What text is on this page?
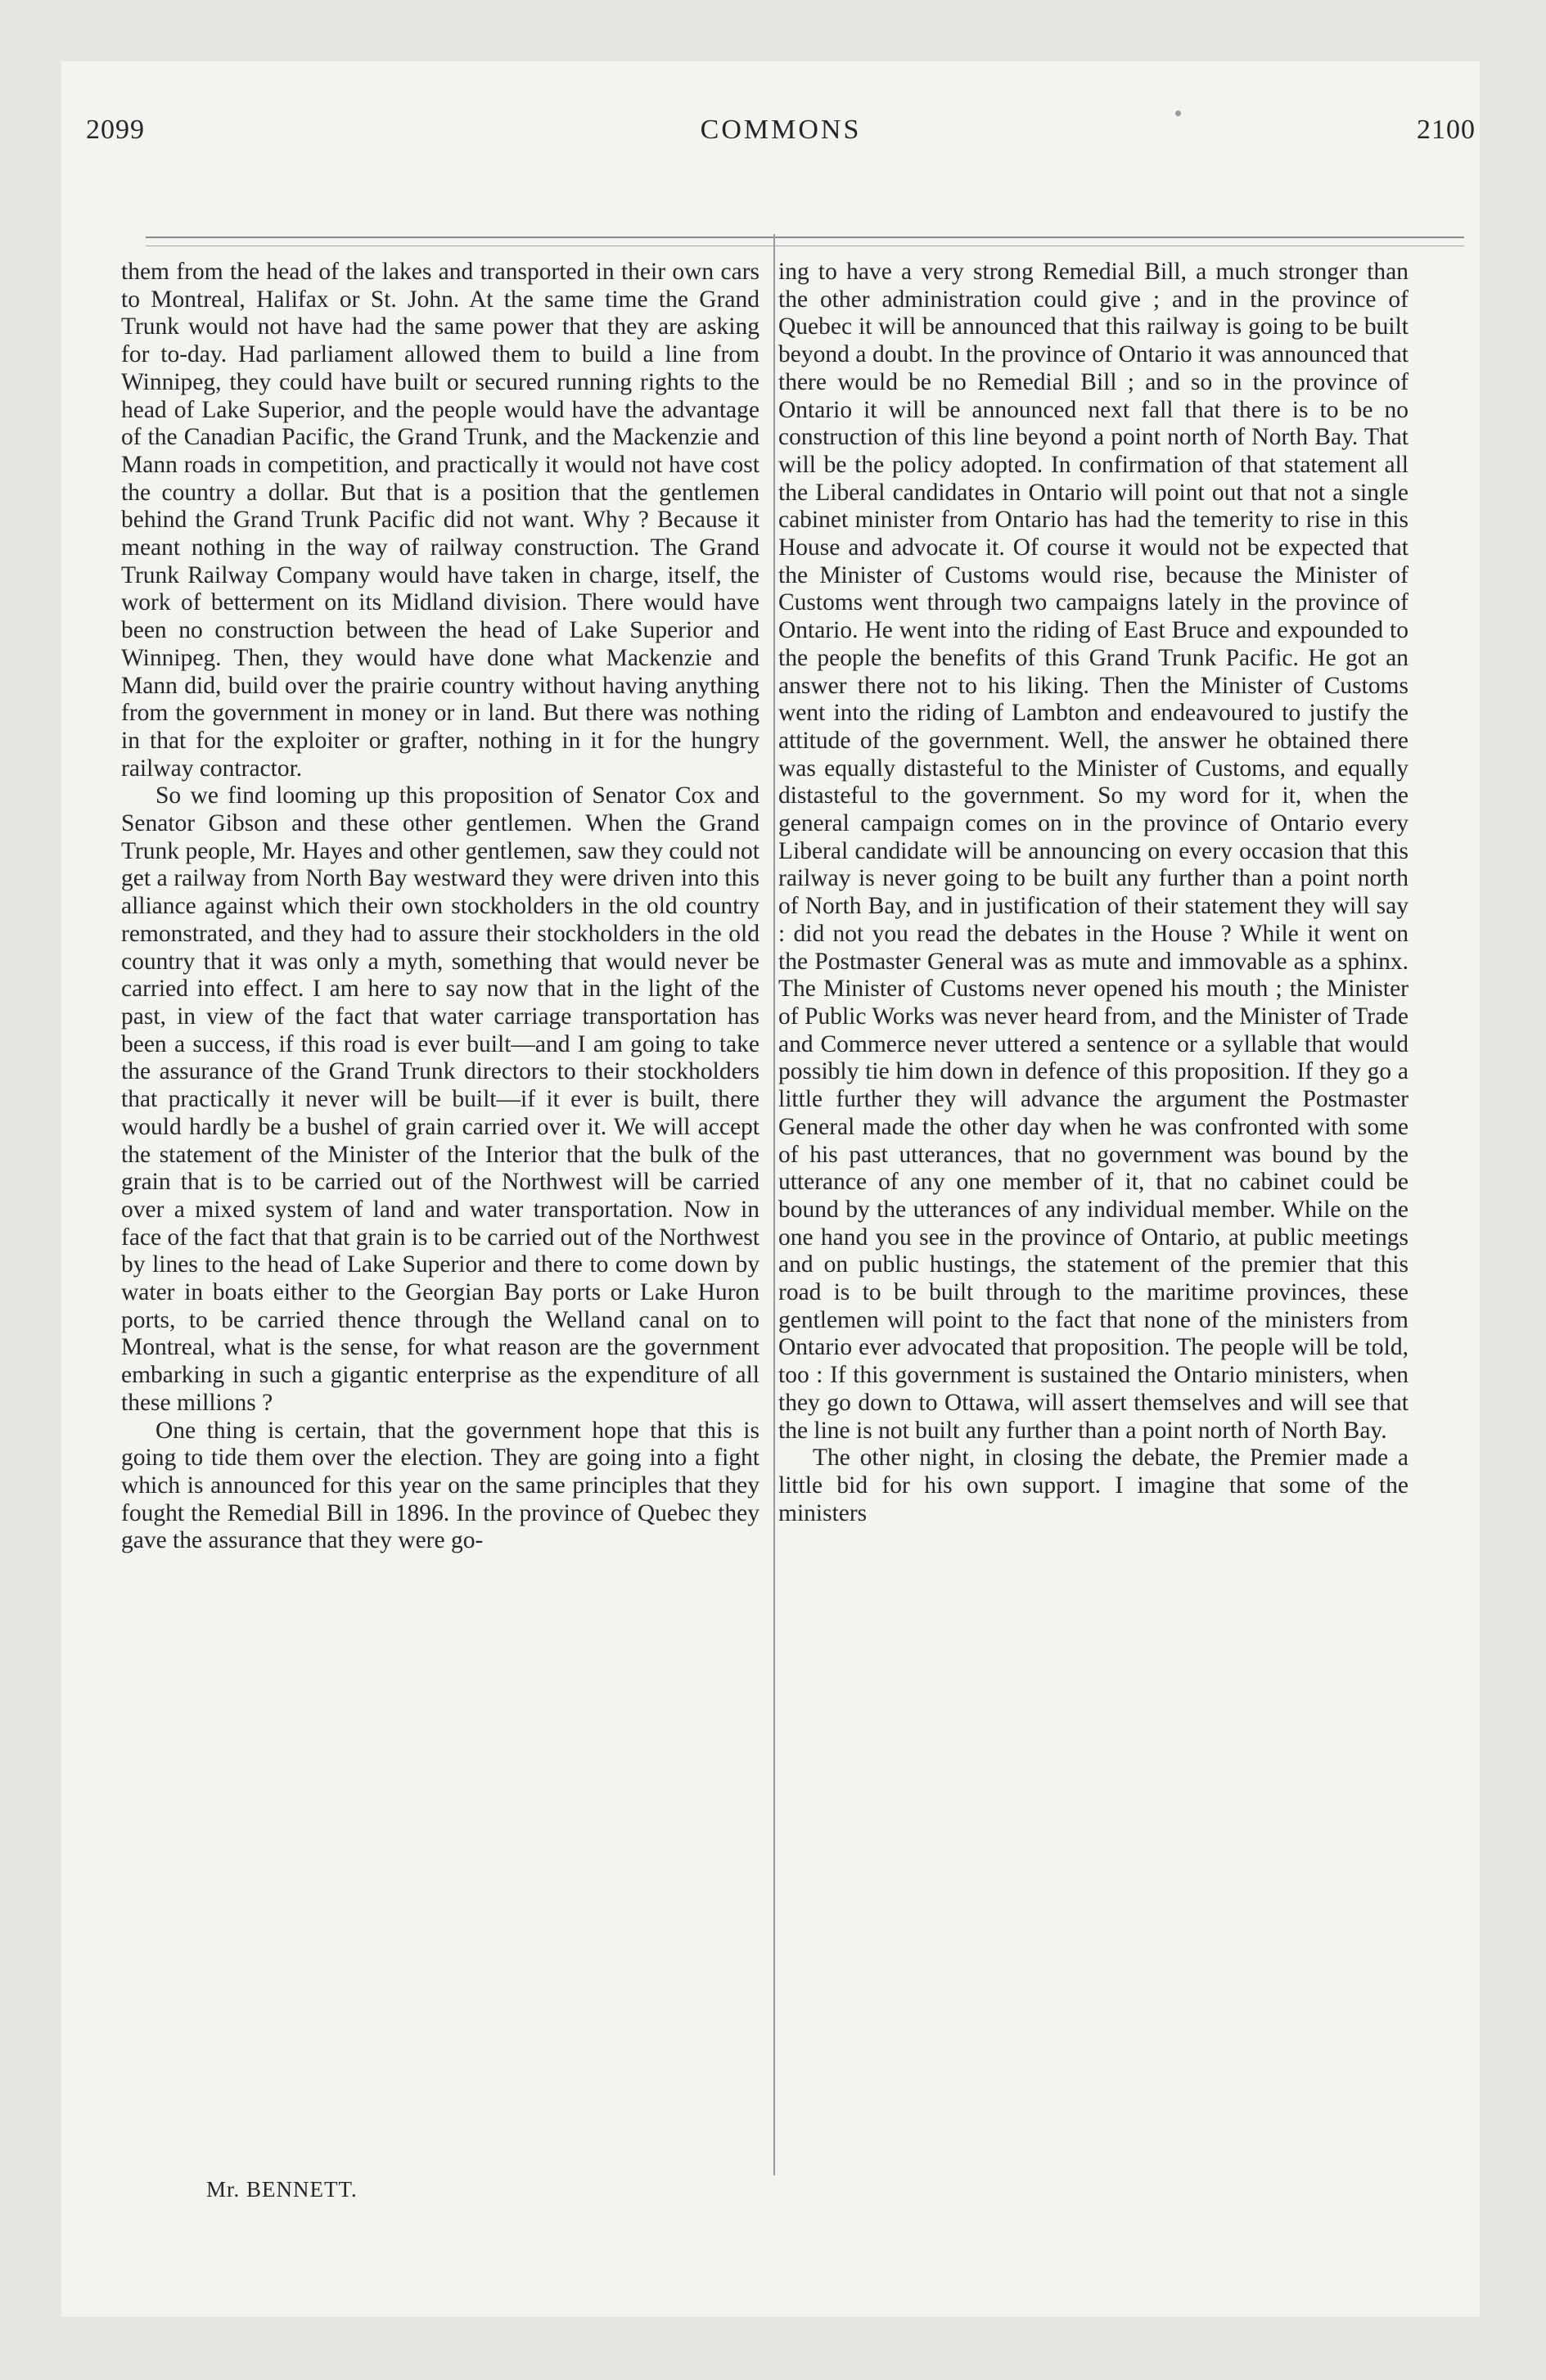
2099	COMMONS	2100

them from the head of the lakes and transported in their own cars to Montreal, Halifax or St. John. At the same time the Grand Trunk would not have had the same power that they are asking for to-day. Had parliament allowed them to build a line from Winnipeg, they could have built or secured running rights to the head of Lake Superior, and the people would have the advantage of the Canadian Pacific, the Grand Trunk, and the Mackenzie and Mann roads in competition, and practically it would not have cost the country a dollar. But that is a position that the gentlemen behind the Grand Trunk Pacific did not want. Why ? Because it meant nothing in the way of railway construction. The Grand Trunk Railway Company would have taken in charge, itself, the work of betterment on its Midland division. There would have been no construction between the head of Lake Superior and Winnipeg. Then, they would have done what Mackenzie and Mann did, build over the prairie country without having anything from the government in money or in land. But there was nothing in that for the exploiter or grafter, nothing in it for the hungry railway contractor.

So we find looming up this proposition of Senator Cox and Senator Gibson and these other gentlemen. When the Grand Trunk people, Mr. Hayes and other gentlemen, saw they could not get a railway from North Bay westward they were driven into this alliance against which their own stockholders in the old country remonstrated, and they had to assure their stockholders in the old country that it was only a myth, something that would never be carried into effect. I am here to say now that in the light of the past, in view of the fact that water carriage transportation has been a success, if this road is ever built—and I am going to take the assurance of the Grand Trunk directors to their stockholders that practically it never will be built—if it ever is built, there would hardly be a bushel of grain carried over it. We will accept the statement of the Minister of the Interior that the bulk of the grain that is to be carried out of the Northwest will be carried over a mixed system of land and water transportation. Now in face of the fact that that grain is to be carried out of the Northwest by lines to the head of Lake Superior and there to come down by water in boats either to the Georgian Bay ports or Lake Huron ports, to be carried thence through the Welland canal on to Montreal, what is the sense, for what reason are the government embarking in such a gigantic enterprise as the expenditure of all these millions ?

One thing is certain, that the government hope that this is going to tide them over the election. They are going into a fight which is announced for this year on the same principles that they fought the Remedial Bill in 1896. In the province of Quebec they gave the assurance that they were go-

ing to have a very strong Remedial Bill, a much stronger than the other administration could give ; and in the province of Quebec it will be announced that this railway is going to be built beyond a doubt. In the province of Ontario it was announced that there would be no Remedial Bill ; and so in the province of Ontario it will be announced next fall that there is to be no construction of this line beyond a point north of North Bay. That will be the policy adopted. In confirmation of that statement all the Liberal candidates in Ontario will point out that not a single cabinet minister from Ontario has had the temerity to rise in this House and advocate it. Of course it would not be expected that the Minister of Customs would rise, because the Minister of Customs went through two campaigns lately in the province of Ontario. He went into the riding of East Bruce and expounded to the people the benefits of this Grand Trunk Pacific. He got an answer there not to his liking. Then the Minister of Customs went into the riding of Lambton and endeavoured to justify the attitude of the government. Well, the answer he obtained there was equally distasteful to the Minister of Customs, and equally distasteful to the government. So my word for it, when the general campaign comes on in the province of Ontario every Liberal candidate will be announcing on every occasion that this railway is never going to be built any further than a point north of North Bay, and in justification of their statement they will say : did not you read the debates in the House ? While it went on the Postmaster General was as mute and immovable as a sphinx. The Minister of Customs never opened his mouth ; the Minister of Public Works was never heard from, and the Minister of Trade and Commerce never uttered a sentence or a syllable that would possibly tie him down in defence of this proposition. If they go a little further they will advance the argument the Postmaster General made the other day when he was confronted with some of his past utterances, that no government was bound by the utterance of any one member of it, that no cabinet could be bound by the utterances of any individual member. While on the one hand you see in the province of Ontario, at public meetings and on public hustings, the statement of the premier that this road is to be built through to the maritime provinces, these gentlemen will point to the fact that none of the ministers from Ontario ever advocated that proposition. The people will be told, too : If this government is sustained the Ontario ministers, when they go down to Ottawa, will assert themselves and will see that the line is not built any further than a point north of North Bay.

The other night, in closing the debate, the Premier made a little bid for his own support. I imagine that some of the ministers

Mr. BENNETT.
